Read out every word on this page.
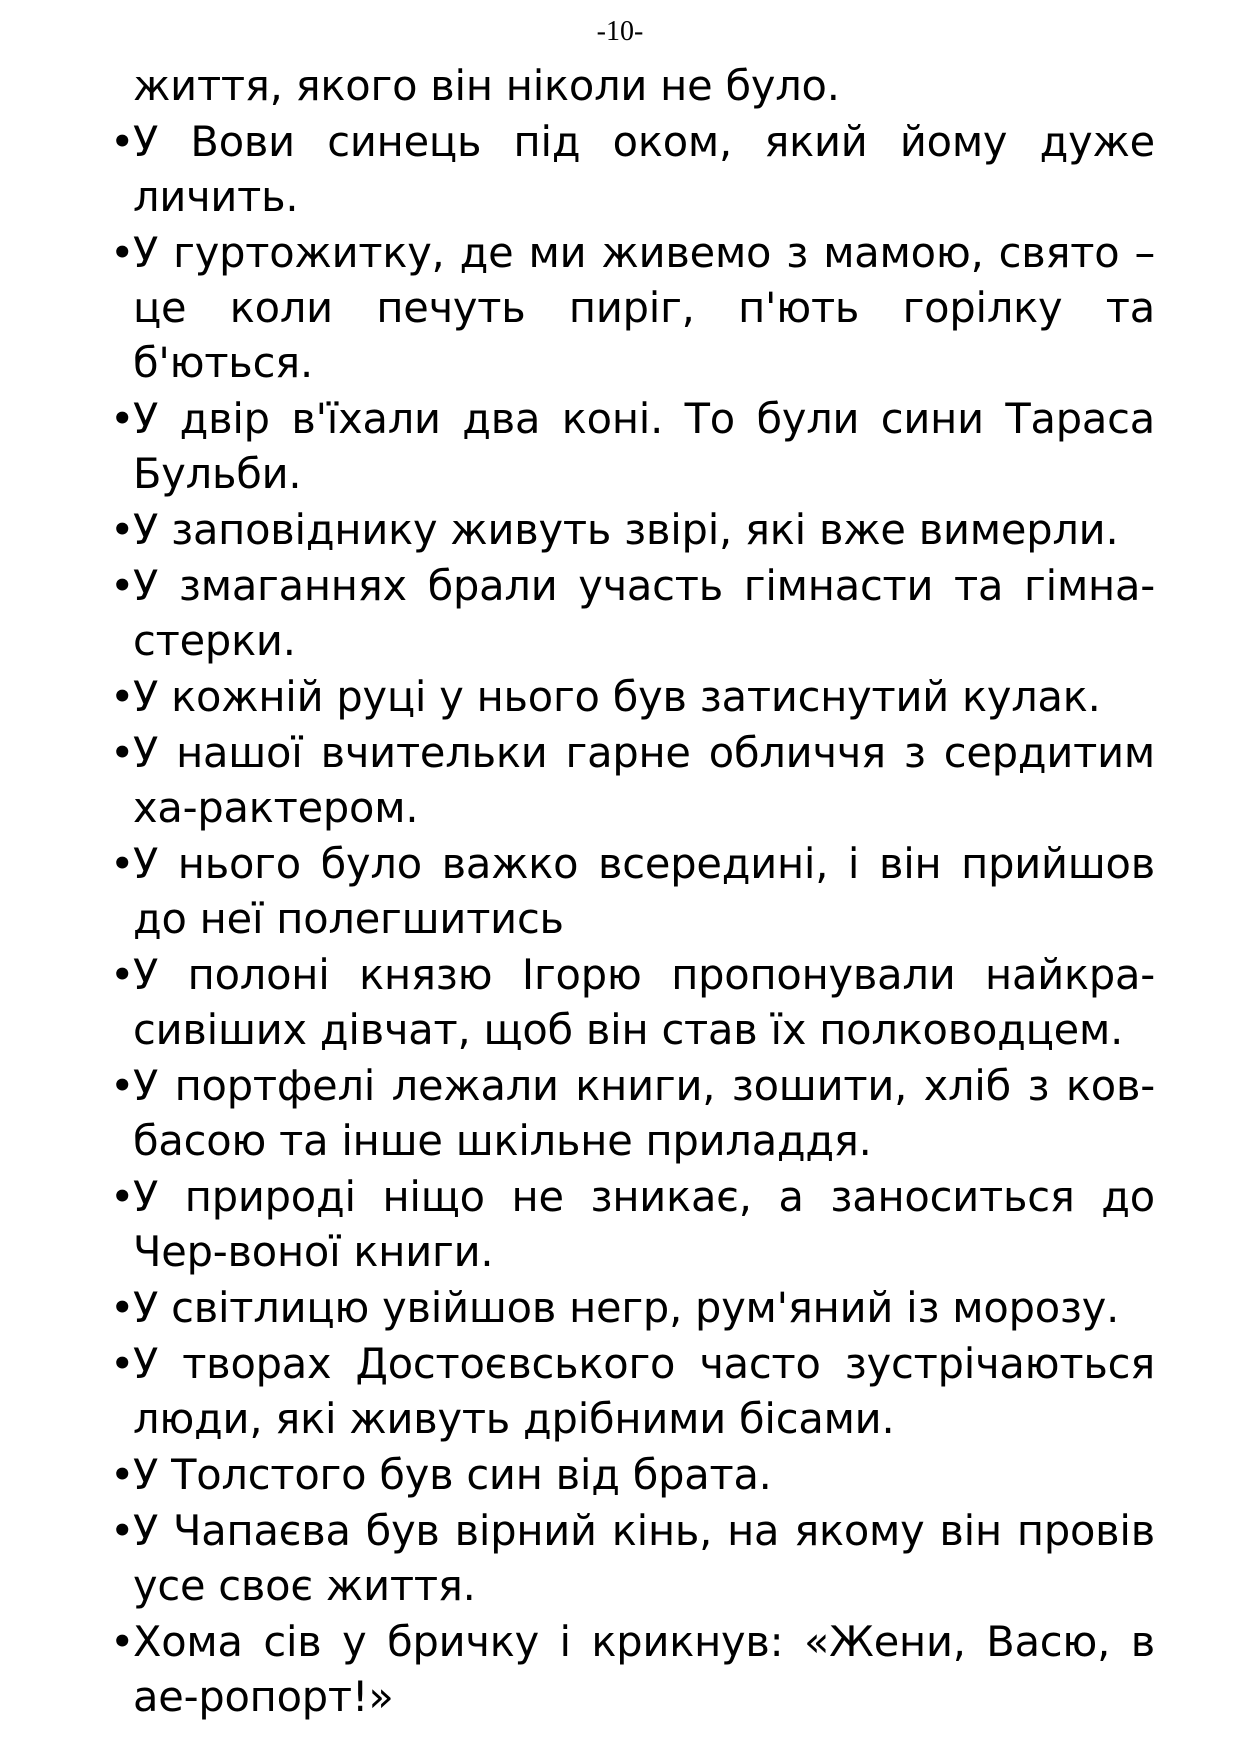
-10-

життя, якого він ніколи не було.

•
У Вови синець під оком, який йому дуже личить.
•
У гуртожитку, де ми живемо з мамою, свято – це коли печуть пиріг, п'ють горілку та б'ються.
•
У двір в'їхали два коні. То були сини Тараса Бульби.
•
У заповіднику живуть звірі, які вже вимерли.
•
У змаганнях брали участь гімнасти та гімна-стерки.
•
У кожній руці у нього був затиснутий кулак.
•
У нашої вчительки гарне обличчя з сердитим ха-рактером.
•
У нього було важко всередині, і він прийшов до неї полегшитись
•
У полоні князю Ігорю пропонували найкра-сивіших дівчат, щоб він став їх полководцем.
•
У портфелі лежали книги, зошити, хліб з ков-басою та інше шкільне приладдя.
•
У природі ніщо не зникає, а заноситься до Чер-воної книги.
•
У світлицю увійшов негр, рум'яний із морозу.
•
У творах Достоєвського часто зустрічаються люди, які живуть дрібними бісами.
•
У Толстого був син від брата.
•
У Чапаєва був вірний кінь, на якому він провів усе своє життя.
•
Хома сів у бричку і крикнув: «Жени, Васю, в ае-ропорт!»
